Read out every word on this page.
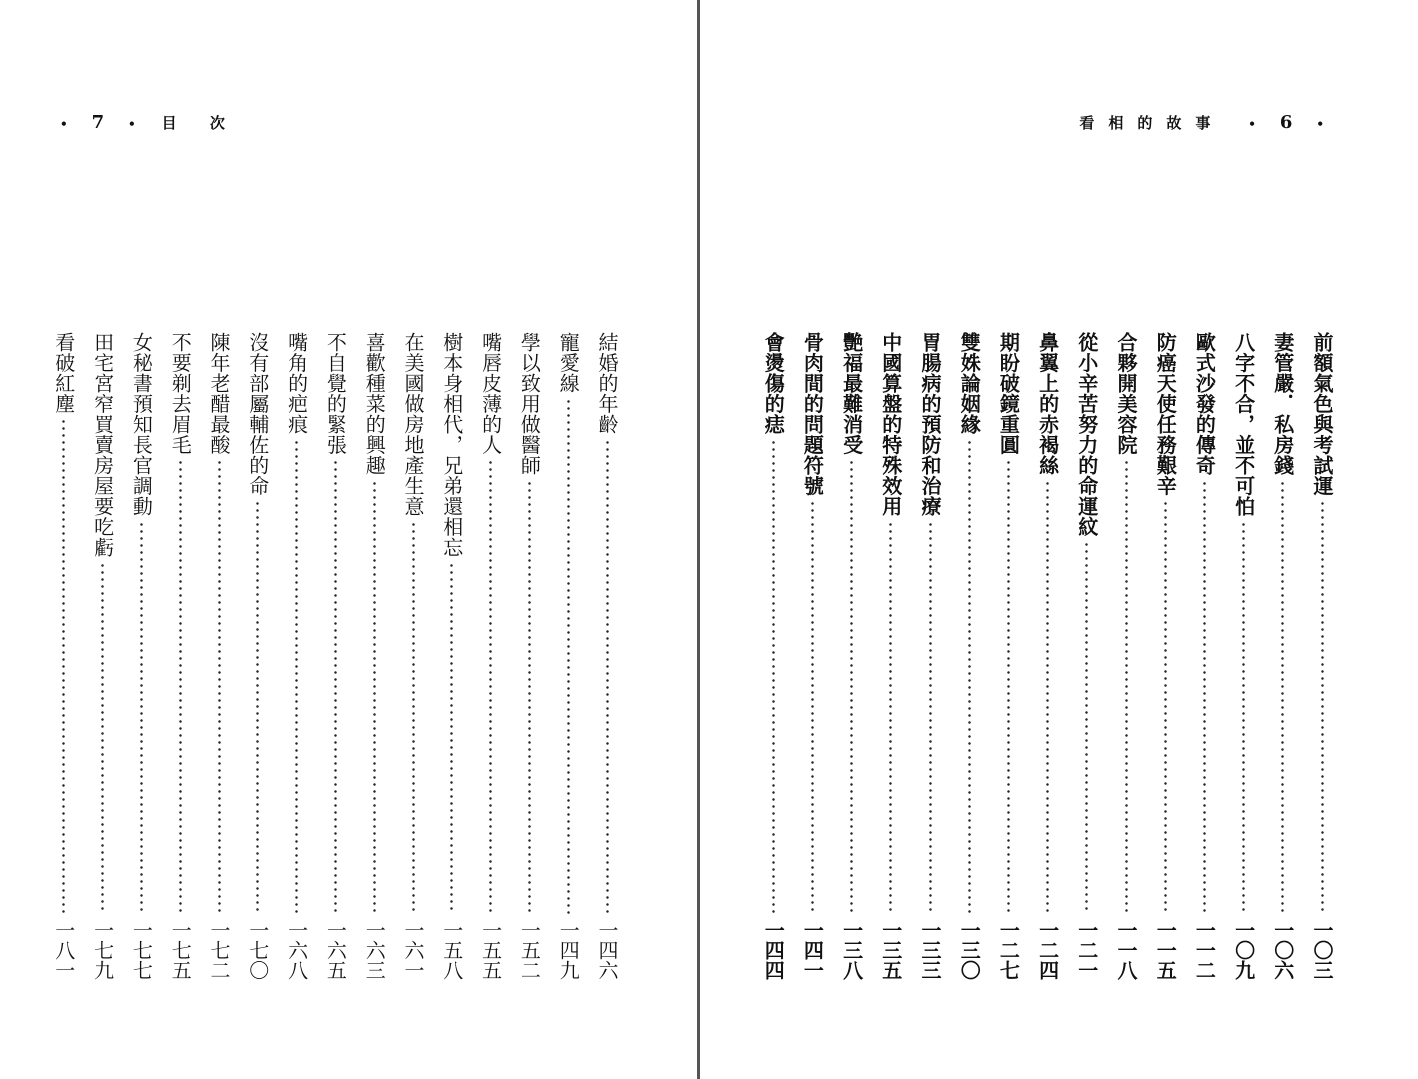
• 7 • 目 次
結婚的年齡
一四六
寵愛線
一四九
學以致用做醫師
一五二
嘴唇皮薄的人
一五五
樹本身相代，兄弟還相忘
一五八
在美國做房地產生意
一六一
喜歡種菜的興趣
一六三
不自覺的緊張
一六五
嘴角的疤痕
一六八
沒有部屬輔佐的命
一七〇
陳年老醋最酸
一七二
不要剃去眉毛
一七五
女秘書預知長官調動
一七七
田宅宮窄買賣房屋要吃虧
一七九
看破紅塵
一八一
看相的故事 • 6 •
前額氣色與考試運
一〇三
妻管嚴．私房錢
一〇六
八字不合，並不可怕
一〇九
歐式沙發的傳奇
一一二
防癌天使任務艱辛
一一五
合夥開美容院
一一八
從小辛苦努力的命運紋
一二一
鼻翼上的赤褐絲
一二四
期盼破鏡重圓
一二七
雙姝論姻緣
一三〇
胃腸病的預防和治療
一三三
中國算盤的特殊效用
一三五
艷福最難消受
一三八
骨肉間的問題符號
一四一
會燙傷的痣
一四四
